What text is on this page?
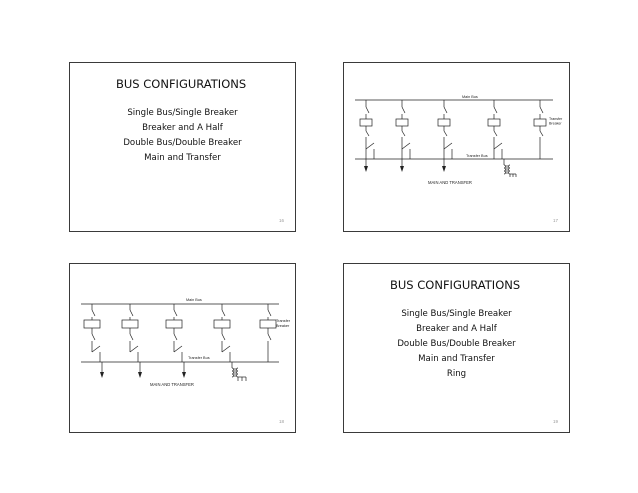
BUS CONFIGURATIONS
Single Bus/Single Breaker
Breaker and A Half
Double Bus/Double Breaker
Main and Transfer
16
Main Bus
Transfer Bus
Transfer
Breaker
MAIN AND TRANSFER
17
Main Bus
Transfer Bus
Transfer
Breaker
MAIN AND TRANSFER
18
BUS CONFIGURATIONS
Single Bus/Single Breaker
Breaker and A Half
Double Bus/Double Breaker
Main and Transfer
Ring
19
